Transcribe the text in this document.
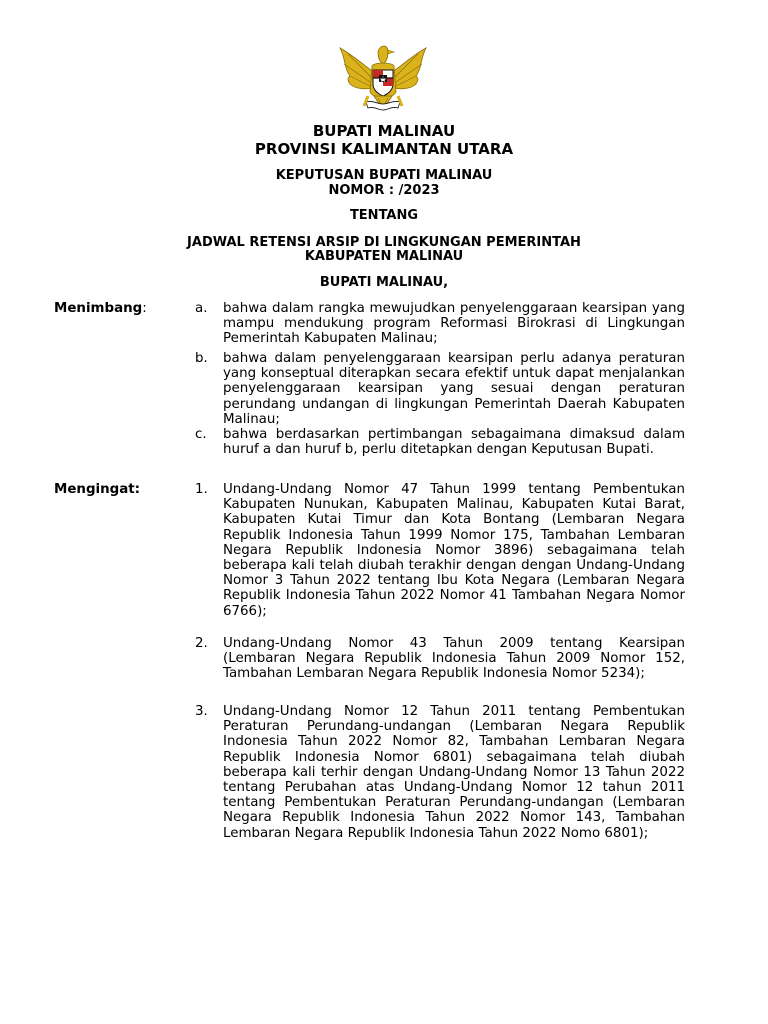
BUPATI MALINAU
PROVINSI KALIMANTAN UTARA
KEPUTUSAN BUPATI MALINAU
NOMOR : /2023
TENTANG
JADWAL RETENSI ARSIP DI LINGKUNGAN PEMERINTAH
KABUPATEN MALINAU
BUPATI MALINAU,
Menimbang:	a. bahwa dalam rangka mewujudkan penyelenggaraan kearsipan yang mampu mendukung program Reformasi Birokrasi di Lingkungan Pemerintah Kabupaten Malinau;
b. bahwa dalam penyelenggaraan kearsipan perlu adanya peraturan yang konseptual diterapkan secara efektif untuk dapat menjalankan penyelenggaraan kearsipan yang sesuai dengan peraturan perundang undangan di lingkungan Pemerintah Daerah Kabupaten Malinau;
c. bahwa berdasarkan pertimbangan sebagaimana dimaksud dalam huruf a dan huruf b, perlu ditetapkan dengan Keputusan Bupati.
Mengingat:	1. Undang-Undang Nomor 47 Tahun 1999 tentang Pembentukan Kabupaten Nunukan, Kabupaten Malinau, Kabupaten Kutai Barat, Kabupaten Kutai Timur dan Kota Bontang (Lembaran Negara Republik Indonesia Tahun 1999 Nomor 175, Tambahan Lembaran Negara Republik Indonesia Nomor 3896) sebagaimana telah beberapa kali telah diubah terakhir dengan dengan Undang-Undang Nomor 3 Tahun 2022 tentang Ibu Kota Negara (Lembaran Negara Republik Indonesia Tahun 2022 Nomor 41 Tambahan Negara Nomor 6766);
2. Undang-Undang Nomor 43 Tahun 2009 tentang Kearsipan (Lembaran Negara Republik Indonesia Tahun 2009 Nomor 152, Tambahan Lembaran Negara Republik Indonesia Nomor 5234);
3. Undang-Undang Nomor 12 Tahun 2011 tentang Pembentukan Peraturan Perundang-undangan (Lembaran Negara Republik Indonesia Tahun 2022 Nomor 82, Tambahan Lembaran Negara Republik Indonesia Nomor 6801) sebagaimana telah diubah beberapa kali terhir dengan Undang-Undang Nomor 13 Tahun 2022 tentang Perubahan atas Undang-Undang Nomor 12 tahun 2011 tentang Pembentukan Peraturan Perundang-undangan (Lembaran Negara Republik Indonesia Tahun 2022 Nomor 143, Tambahan Lembaran Negara Republik Indonesia Tahun 2022 Nomo 6801);
